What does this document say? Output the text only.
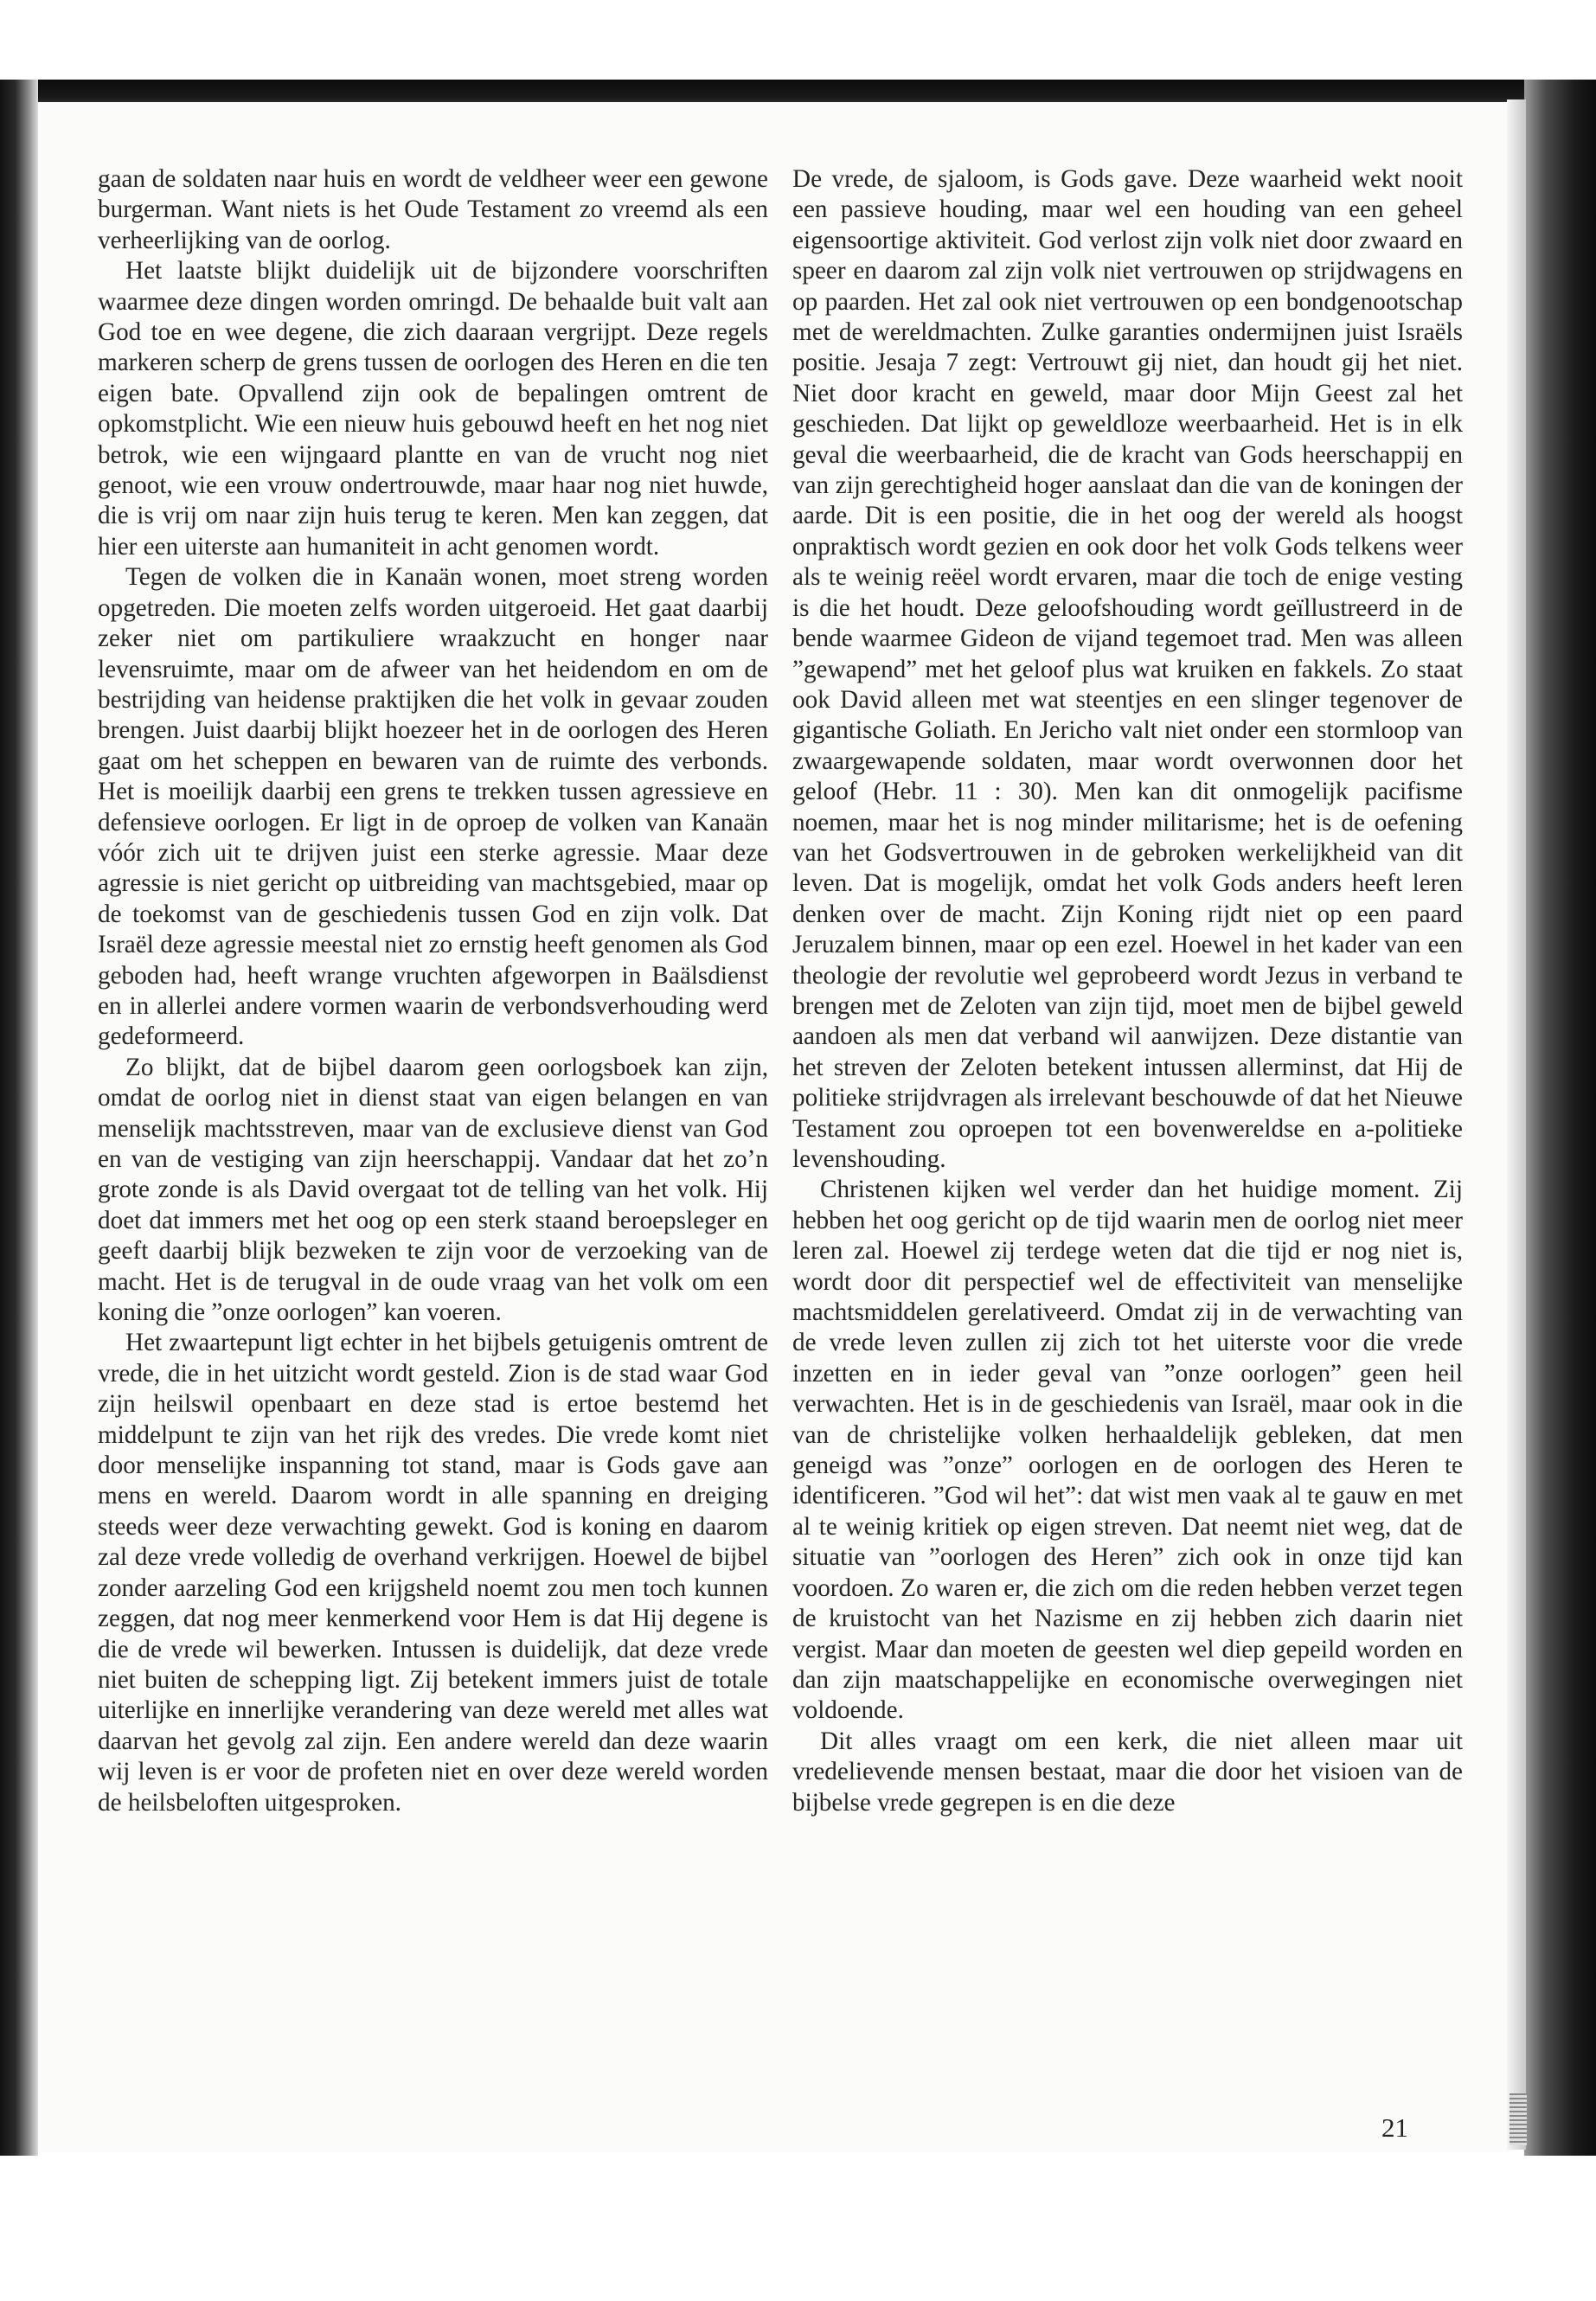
gaan de soldaten naar huis en wordt de veldheer weer een gewone burgerman. Want niets is het Oude Testament zo vreemd als een verheerlijking van de oorlog.

Het laatste blijkt duidelijk uit de bijzondere voorschriften waarmee deze dingen worden omringd. De behaalde buit valt aan God toe en wee degene, die zich daaraan vergrijpt. Deze regels markeren scherp de grens tussen de oorlogen des Heren en die ten eigen bate. Opvallend zijn ook de bepalingen omtrent de opkomstplicht. Wie een nieuw huis gebouwd heeft en het nog niet betrok, wie een wijngaard plantte en van de vrucht nog niet genoot, wie een vrouw ondertrouwde, maar haar nog niet huwde, die is vrij om naar zijn huis terug te keren. Men kan zeggen, dat hier een uiterste aan humaniteit in acht genomen wordt.

Tegen de volken die in Kanaän wonen, moet streng worden opgetreden. Die moeten zelfs worden uitgeroeid. Het gaat daarbij zeker niet om partikuliere wraakzucht en honger naar levensruimte, maar om de afweer van het heidendom en om de bestrijding van heidense praktijken die het volk in gevaar zouden brengen. Juist daarbij blijkt hoezeer het in de oorlogen des Heren gaat om het scheppen en bewaren van de ruimte des verbonds. Het is moeilijk daarbij een grens te trekken tussen agressieve en defensieve oorlogen. Er ligt in de oproep de volken van Kanaän vóór zich uit te drijven juist een sterke agressie. Maar deze agressie is niet gericht op uitbreiding van machtsgebied, maar op de toekomst van de geschiedenis tussen God en zijn volk. Dat Israël deze agressie meestal niet zo ernstig heeft genomen als God geboden had, heeft wrange vruchten afgeworpen in Baälsdienst en in allerlei andere vormen waarin de verbondsverhouding werd gedeformeerd.

Zo blijkt, dat de bijbel daarom geen oorlogsboek kan zijn, omdat de oorlog niet in dienst staat van eigen belangen en van menselijk machtsstreven, maar van de exclusieve dienst van God en van de vestiging van zijn heerschappij. Vandaar dat het zo’n grote zonde is als David overgaat tot de telling van het volk. Hij doet dat immers met het oog op een sterk staand beroepsleger en geeft daarbij blijk bezweken te zijn voor de verzoeking van de macht. Het is de terugval in de oude vraag van het volk om een koning die ”onze oorlogen” kan voeren.

Het zwaartepunt ligt echter in het bijbels getuigenis omtrent de vrede, die in het uitzicht wordt gesteld. Zion is de stad waar God zijn heilswil openbaart en deze stad is ertoe bestemd het middelpunt te zijn van het rijk des vredes. Die vrede komt niet door menselijke inspanning tot stand, maar is Gods gave aan mens en wereld. Daarom wordt in alle spanning en dreiging steeds weer deze verwachting gewekt. God is koning en daarom zal deze vrede volledig de overhand verkrijgen. Hoewel de bijbel zonder aarzeling God een krijgsheld noemt zou men toch kunnen zeggen, dat nog meer kenmerkend voor Hem is dat Hij degene is die de vrede wil bewerken. Intussen is duidelijk, dat deze vrede niet buiten de schepping ligt. Zij betekent immers juist de totale uiterlijke en innerlijke verandering van deze wereld met alles wat daarvan het gevolg zal zijn. Een andere wereld dan deze waarin wij leven is er voor de profeten niet en over deze wereld worden de heilsbeloften uitgesproken.

De vrede, de sjaloom, is Gods gave. Deze waarheid wekt nooit een passieve houding, maar wel een houding van een geheel eigensoortige aktiviteit. God verlost zijn volk niet door zwaard en speer en daarom zal zijn volk niet vertrouwen op strijdwagens en op paarden. Het zal ook niet vertrouwen op een bondgenootschap met de wereldmachten. Zulke garanties ondermijnen juist Israëls positie. Jesaja 7 zegt: Vertrouwt gij niet, dan houdt gij het niet. Niet door kracht en geweld, maar door Mijn Geest zal het geschieden. Dat lijkt op geweldloze weerbaarheid. Het is in elk geval die weerbaarheid, die de kracht van Gods heerschappij en van zijn gerechtigheid hoger aanslaat dan die van de koningen der aarde. Dit is een positie, die in het oog der wereld als hoogst onpraktisch wordt gezien en ook door het volk Gods telkens weer als te weinig reëel wordt ervaren, maar die toch de enige vesting is die het houdt. Deze geloofshouding wordt geïllustreerd in de bende waarmee Gideon de vijand tegemoet trad. Men was alleen ”gewapend” met het geloof plus wat kruiken en fakkels. Zo staat ook David alleen met wat steentjes en een slinger tegenover de gigantische Goliath. En Jericho valt niet onder een stormloop van zwaargewapende soldaten, maar wordt overwonnen door het geloof (Hebr. 11 : 30). Men kan dit onmogelijk pacifisme noemen, maar het is nog minder militarisme; het is de oefening van het Godsvertrouwen in de gebroken werkelijkheid van dit leven. Dat is mogelijk, omdat het volk Gods anders heeft leren denken over de macht. Zijn Koning rijdt niet op een paard Jeruzalem binnen, maar op een ezel. Hoewel in het kader van een theologie der revolutie wel geprobeerd wordt Jezus in verband te brengen met de Zeloten van zijn tijd, moet men de bijbel geweld aandoen als men dat verband wil aanwijzen. Deze distantie van het streven der Zeloten betekent intussen allerminst, dat Hij de politieke strijdvragen als irrelevant beschouwde of dat het Nieuwe Testament zou oproepen tot een bovenwereldse en a-politieke levenshouding.

Christenen kijken wel verder dan het huidige moment. Zij hebben het oog gericht op de tijd waarin men de oorlog niet meer leren zal. Hoewel zij terdege weten dat die tijd er nog niet is, wordt door dit perspectief wel de effectiviteit van menselijke machtsmiddelen gerelativeerd. Omdat zij in de verwachting van de vrede leven zullen zij zich tot het uiterste voor die vrede inzetten en in ieder geval van ”onze oorlogen” geen heil verwachten. Het is in de geschiedenis van Israël, maar ook in die van de christelijke volken herhaaldelijk gebleken, dat men geneigd was ”onze” oorlogen en de oorlogen des Heren te identificeren. ”God wil het”: dat wist men vaak al te gauw en met al te weinig kritiek op eigen streven. Dat neemt niet weg, dat de situatie van ”oorlogen des Heren” zich ook in onze tijd kan voordoen. Zo waren er, die zich om die reden hebben verzet tegen de kruistocht van het Nazisme en zij hebben zich daarin niet vergist. Maar dan moeten de geesten wel diep gepeild worden en dan zijn maatschappelijke en economische overwegingen niet voldoende.

Dit alles vraagt om een kerk, die niet alleen maar uit vredelievende mensen bestaat, maar die door het visioen van de bijbelse vrede gegrepen is en die deze

21
